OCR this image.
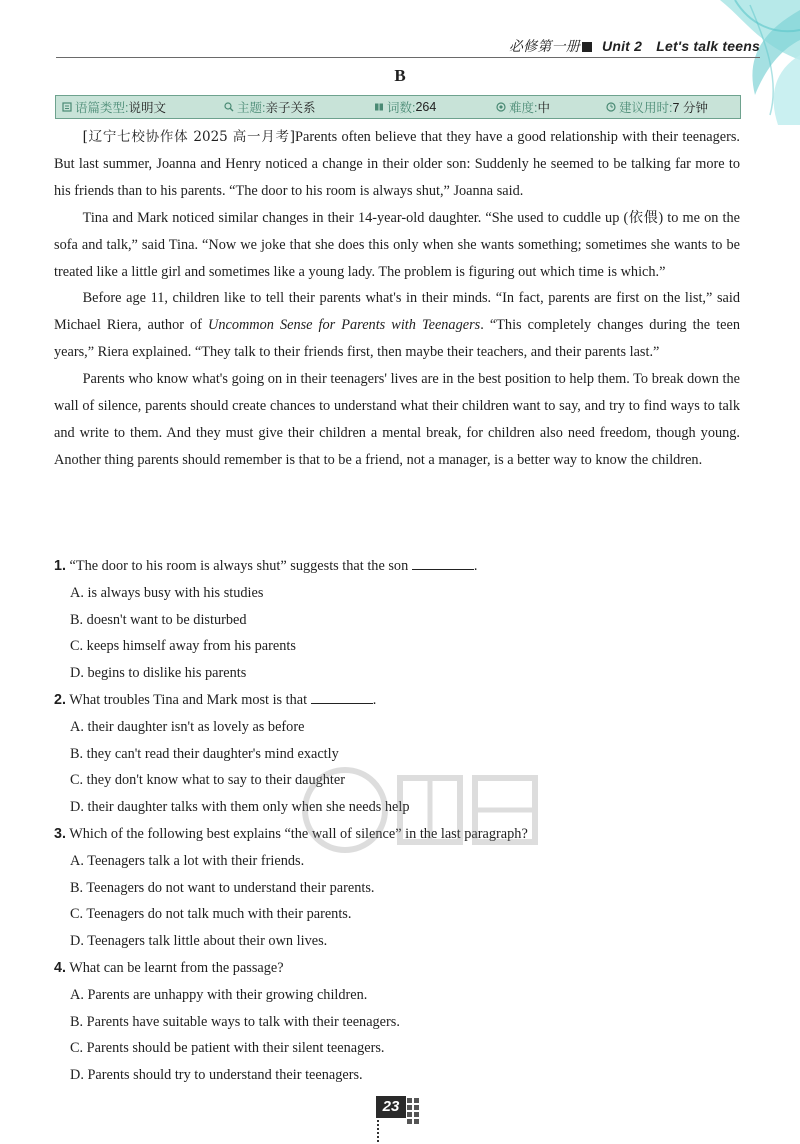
必修第一册 Unit 2 Let's talk teens
B
语篇类型: 说明文	主题: 亲子关系	词数: 264	难度: 中	建议用时: 7 分钟

[辽宁七校协作体 2025 高一月考]Parents often believe that they have a good relationship with their teenagers. But last summer, Joanna and Henry noticed a change in their older son: Suddenly he seemed to be talking far more to his friends than to his parents. “The door to his room is always shut,” Joanna said.

Tina and Mark noticed similar changes in their 14-year-old daughter. “She used to cuddle up (依偎) to me on the sofa and talk,” said Tina. “Now we joke that she does this only when she wants something; sometimes she wants to be treated like a little girl and sometimes like a young lady. The problem is figuring out which time is which.”

Before age 11, children like to tell their parents what's in their minds. “In fact, parents are first on the list,” said Michael Riera, author of Uncommon Sense for Parents with Teenagers. “This completely changes during the teen years,” Riera explained. “They talk to their friends first, then maybe their teachers, and their parents last.”

Parents who know what's going on in their teenagers' lives are in the best position to help them. To break down the wall of silence, parents should create chances to understand what their children want to say, and try to find ways to talk and write to them. And they must give their children a mental break, for children also need freedom, though young. Another thing parents should remember is that to be a friend, not a manager, is a better way to know the children.

1. “The door to his room is always shut” suggests that the son	.
A. is always busy with his studies
B. doesn't want to be disturbed
C. keeps himself away from his parents
D. begins to dislike his parents
2. What troubles Tina and Mark most is that	.
A. their daughter isn't as lovely as before
B. they can't read their daughter's mind exactly
C. they don't know what to say to their daughter
D. their daughter talks with them only when she needs help
3. Which of the following best explains “the wall of silence” in the last paragraph?
A. Teenagers talk a lot with their friends.
B. Teenagers do not want to understand their parents.
C. Teenagers do not talk much with their parents.
D. Teenagers talk little about their own lives.
4. What can be learnt from the passage?
A. Parents are unhappy with their growing children.
B. Parents have suitable ways to talk with their teenagers.
C. Parents should be patient with their silent teenagers.
D. Parents should try to understand their teenagers.
23
